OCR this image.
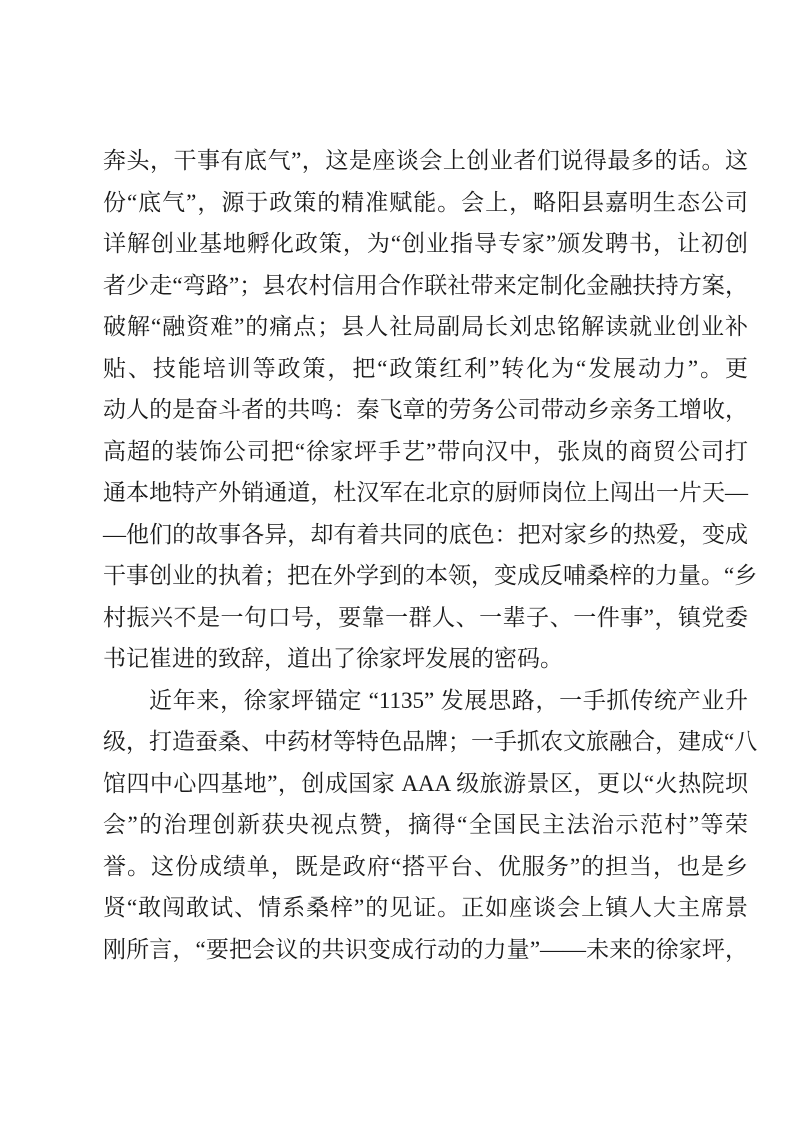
奔头，干事有底气”，这是座谈会上创业者们说得最多的话。这
份“底气”，源于政策的精准赋能。会上，略阳县嘉明生态公司
详解创业基地孵化政策，为“创业指导专家”颁发聘书，让初创
者少走“弯路”；县农村信用合作联社带来定制化金融扶持方案，
破解“融资难”的痛点；县人社局副局长刘忠铭解读就业创业补
贴、技能培训等政策，把“政策红利”转化为“发展动力”。更
动人的是奋斗者的共鸣：秦飞章的劳务公司带动乡亲务工增收，
高超的装饰公司把“徐家坪手艺”带向汉中，张岚的商贸公司打
通本地特产外销通道，杜汉军在北京的厨师岗位上闯出一片天—
—他们的故事各异，却有着共同的底色：把对家乡的热爱，变成
干事创业的执着；把在外学到的本领，变成反哺桑梓的力量。“乡
村振兴不是一句口号，要靠一群人、一辈子、一件事”，镇党委
书记崔进的致辞，道出了徐家坪发展的密码。
近年来，徐家坪锚定 “1135” 发展思路，一手抓传统产业升
级，打造蚕桑、中药材等特色品牌；一手抓农文旅融合，建成“八
馆四中心四基地”，创成国家 AAA 级旅游景区，更以“火热院坝
会”的治理创新获央视点赞，摘得“全国民主法治示范村”等荣
誉。这份成绩单，既是政府“搭平台、优服务”的担当，也是乡
贤“敢闯敢试、情系桑梓”的见证。正如座谈会上镇人大主席景
刚所言，“要把会议的共识变成行动的力量”——未来的徐家坪，
